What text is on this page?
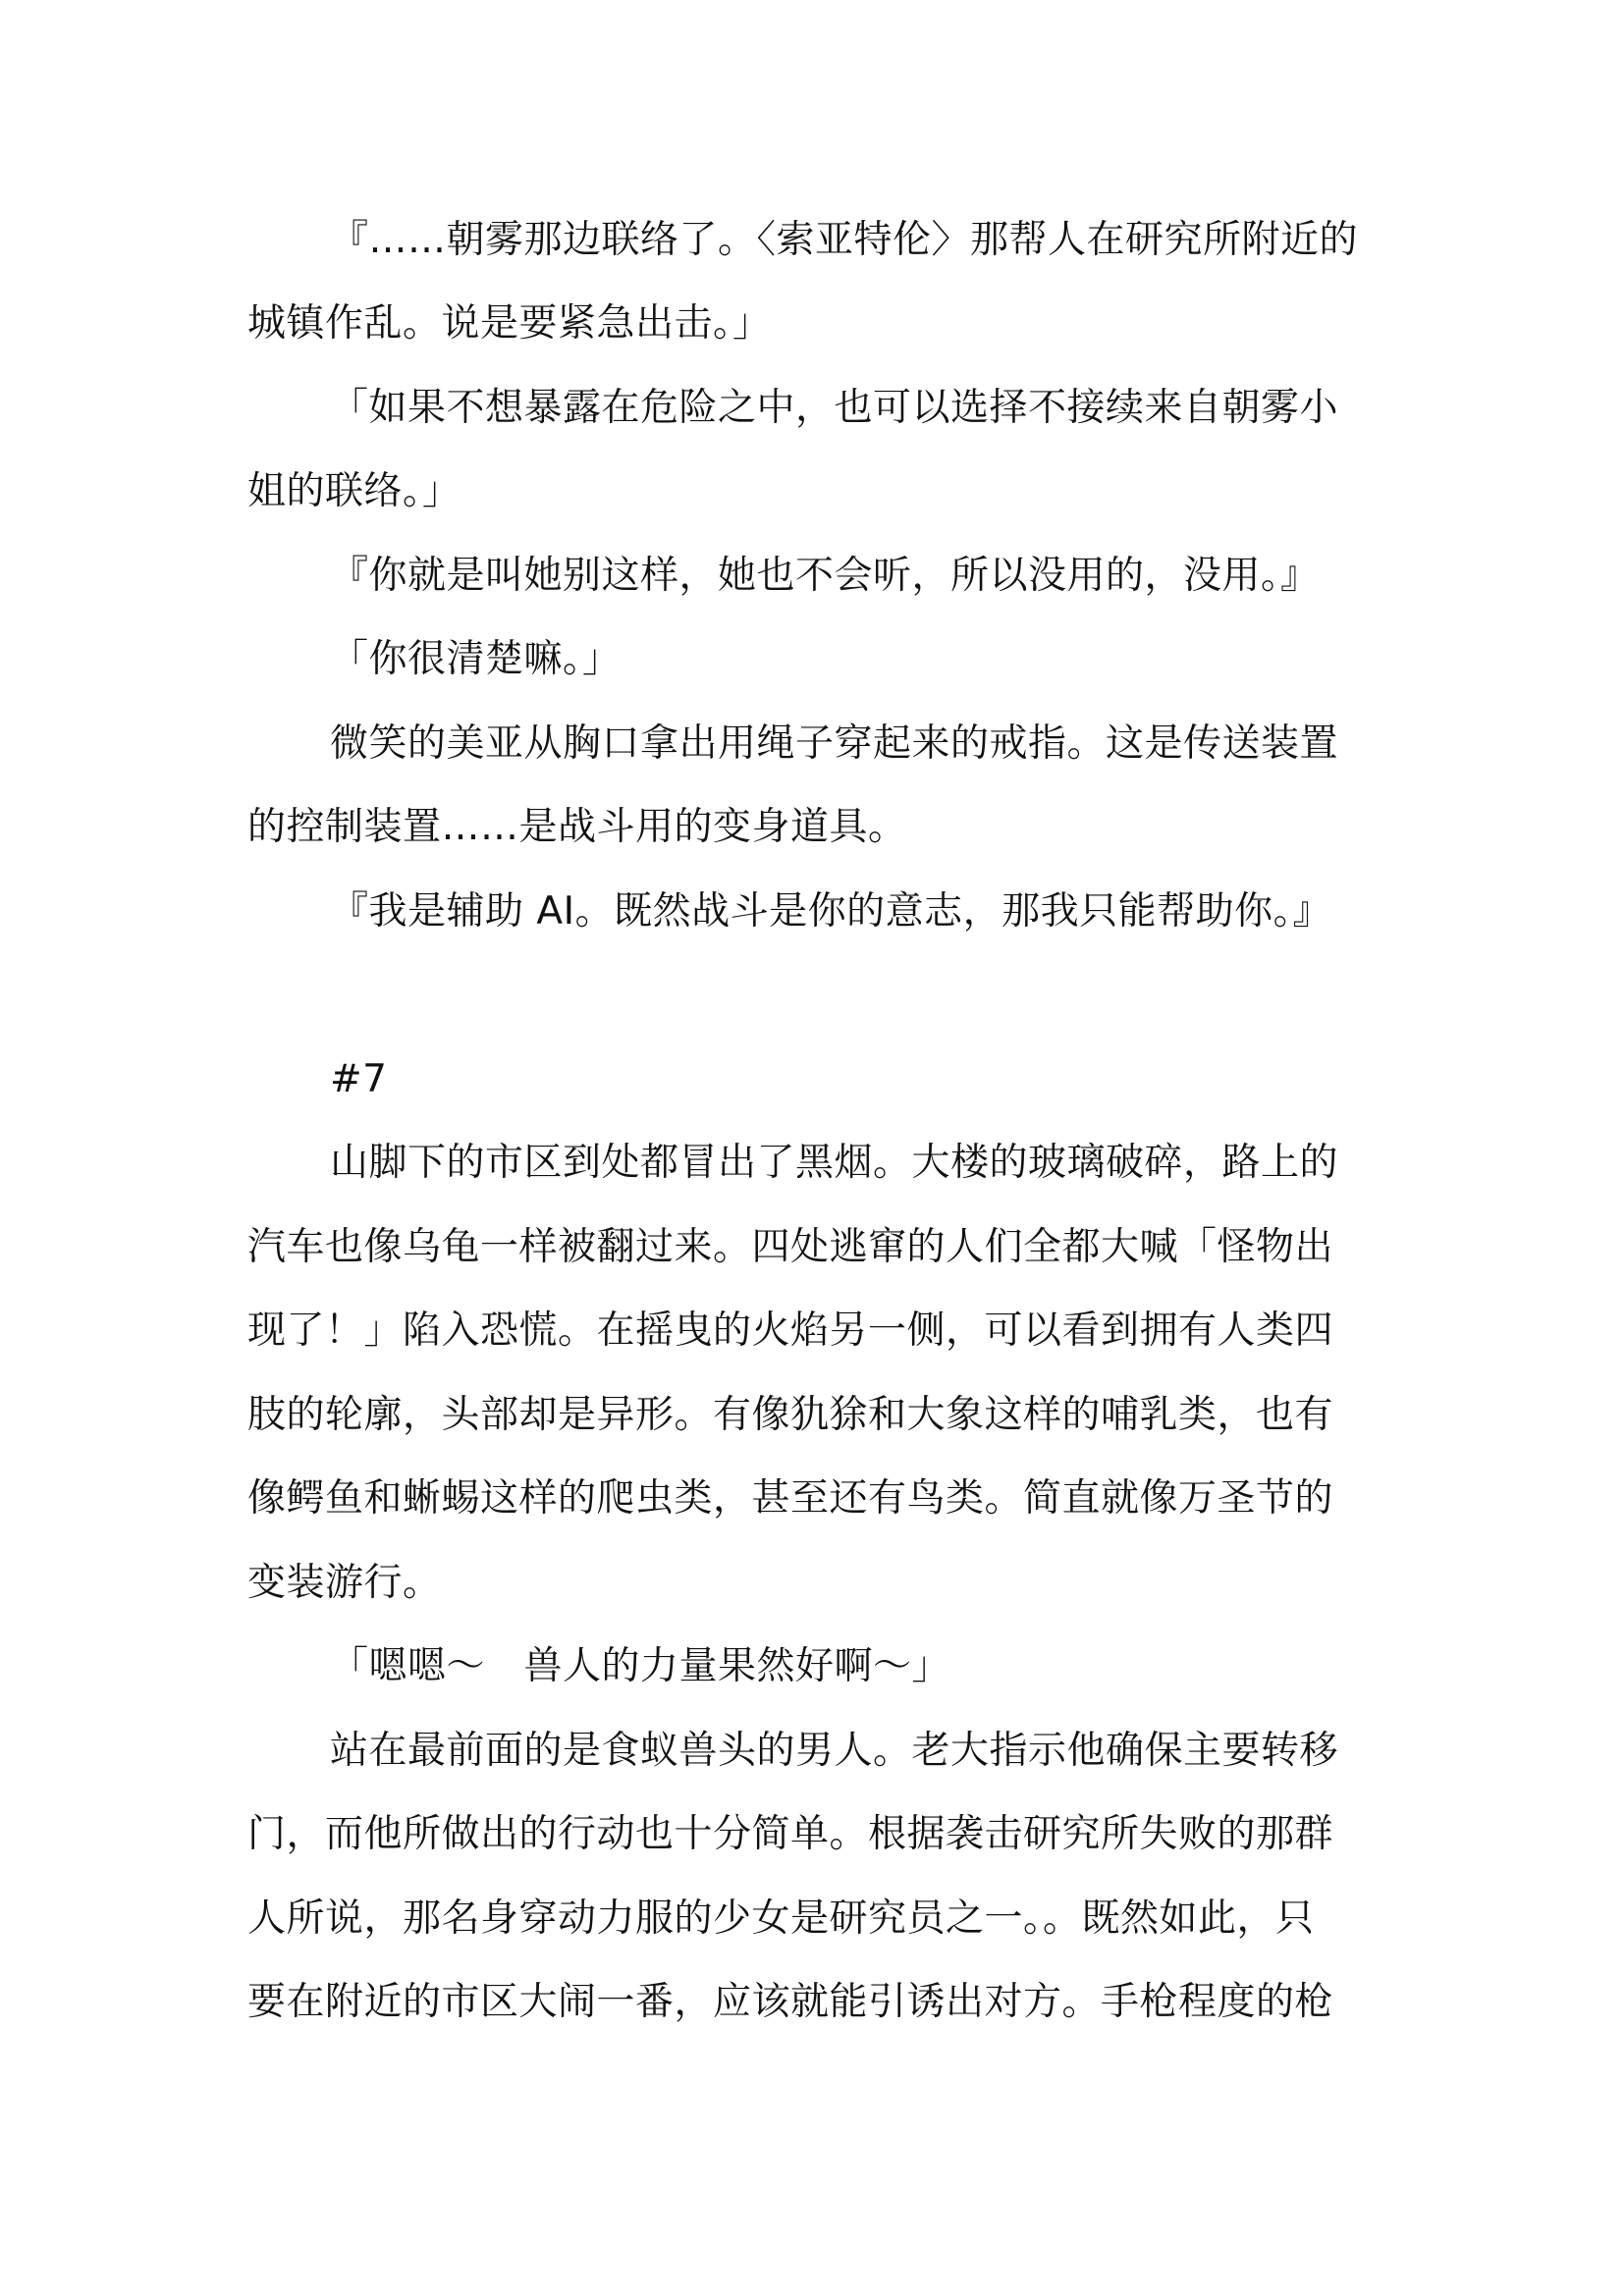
『……朝雾那边联络了。〈索亚特伦〉那帮人在研究所附近的
城镇作乱。说是要紧急出击。」
「如果不想暴露在危险之中，也可以选择不接续来自朝雾小
姐的联络。」
『你就是叫她别这样，她也不会听，所以没用的，没用。』
「你很清楚嘛。」
微笑的美亚从胸口拿出用绳子穿起来的戒指。这是传送装置
的控制装置……是战斗用的变身道具。
『我是辅助 AI。既然战斗是你的意志，那我只能帮助你。』
#7
山脚下的市区到处都冒出了黑烟。大楼的玻璃破碎，路上的
汽车也像乌龟一样被翻过来。四处逃窜的人们全都大喊「怪物出
现了！」陷入恐慌。在摇曳的火焰另一侧，可以看到拥有人类四
肢的轮廓，头部却是异形。有像犰狳和大象这样的哺乳类，也有
像鳄鱼和蜥蜴这样的爬虫类，甚至还有鸟类。简直就像万圣节的
变装游行。
「嗯嗯～　兽人的力量果然好啊～」
站在最前面的是食蚁兽头的男人。老大指示他确保主要转移
门，而他所做出的行动也十分简单。根据袭击研究所失败的那群
人所说，那名身穿动力服的少女是研究员之一。。既然如此，只
要在附近的市区大闹一番，应该就能引诱出对方。手枪程度的枪
